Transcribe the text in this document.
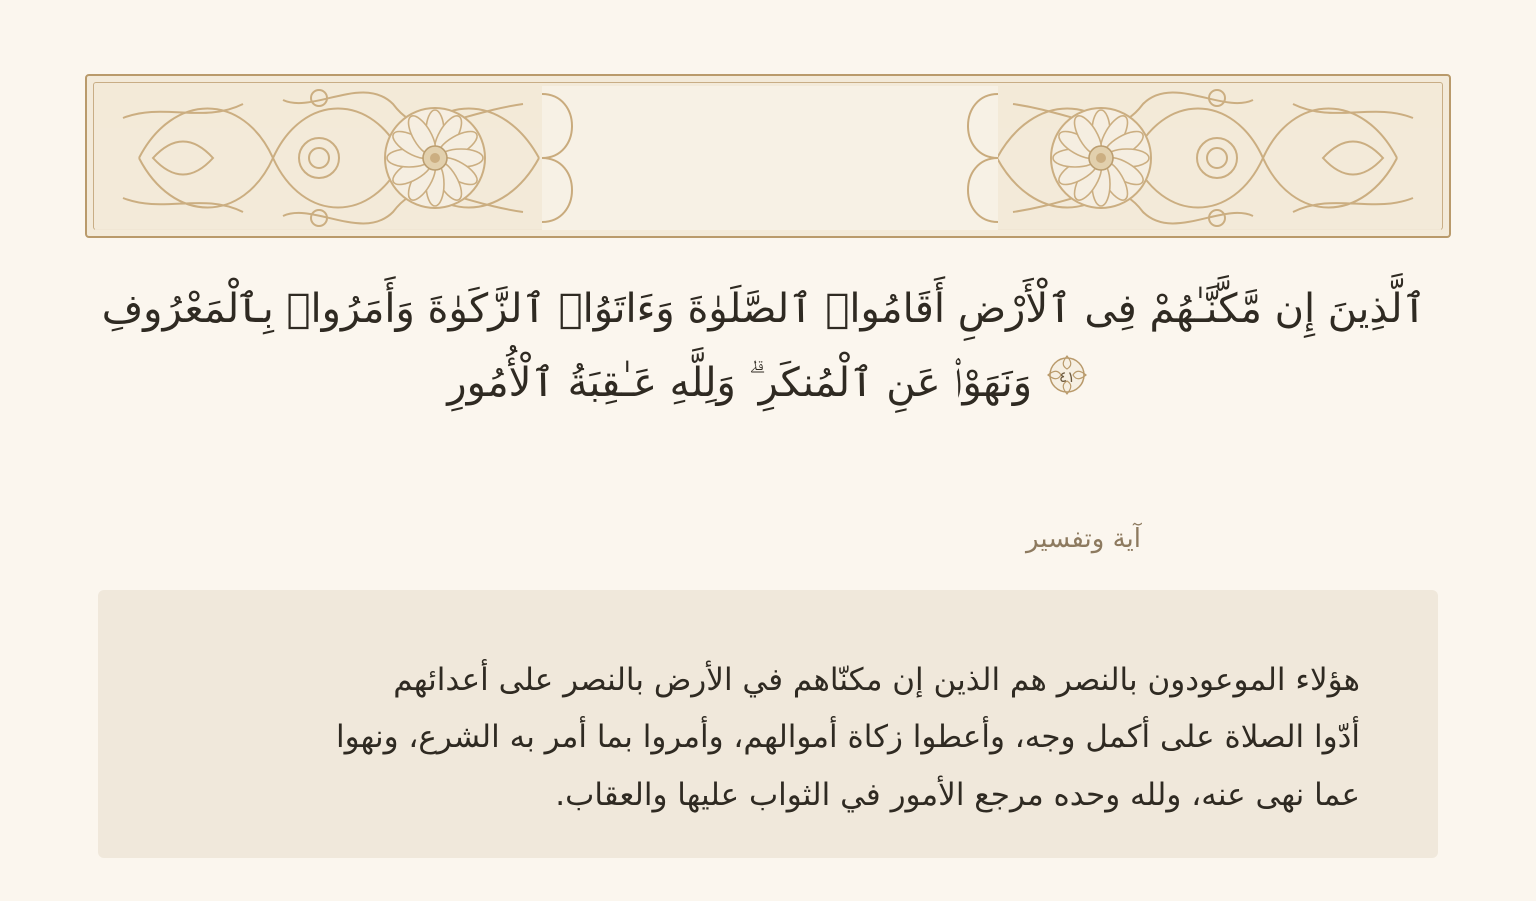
ٱلَّذِينَ إِن مَّكَّنَّـٰهُمْ فِى ٱلْأَرْضِ أَقَامُوا۟ ٱلصَّلَوٰةَ وَءَاتَوُا۟ ٱلزَّكَوٰةَ وَأَمَرُوا۟ بِٱلْمَعْرُوفِ
٤١
وَنَهَوْا۟ عَنِ ٱلْمُنكَرِ ۗ وَلِلَّهِ عَـٰقِبَةُ ٱلْأُمُورِ
آية وتفسير
هؤلاء الموعودون بالنصر هم الذين إن مكنّاهم في الأرض بالنصر على أعدائهم
أدّوا الصلاة على أكمل وجه، وأعطوا زكاة أموالهم، وأمروا بما أمر به الشرع، ونهوا
عما نهى عنه، ولله وحده مرجع الأمور في الثواب عليها والعقاب.
